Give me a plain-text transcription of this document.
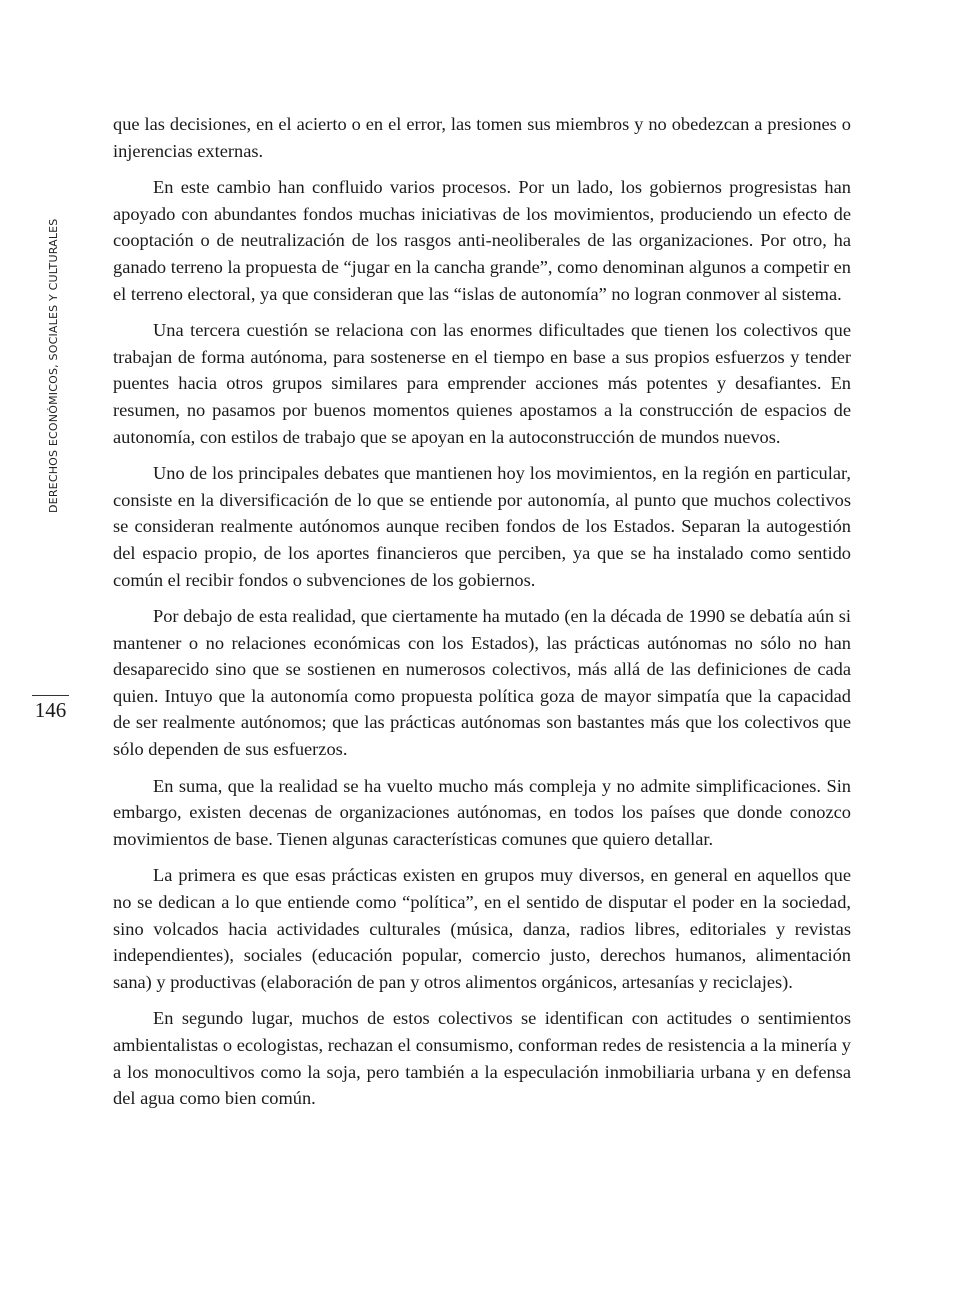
DERECHOS ECONÓMICOS, SOCIALES Y CULTURALES
146

que las decisiones, en el acierto o en el error, las tomen sus miembros y no obedezcan a presiones o injerencias externas.

En este cambio han confluido varios procesos. Por un lado, los gobiernos progresistas han apoyado con abundantes fondos muchas iniciativas de los movimientos, produciendo un efecto de cooptación o de neutralización de los rasgos anti-neoliberales de las organizaciones. Por otro, ha ganado terreno la propuesta de “jugar en la cancha grande”, como denominan algunos a competir en el terreno electoral, ya que consideran que las “islas de autonomía” no logran conmover al sistema.

Una tercera cuestión se relaciona con las enormes dificultades que tienen los colectivos que trabajan de forma autónoma, para sostenerse en el tiempo en base a sus propios esfuerzos y tender puentes hacia otros grupos similares para emprender acciones más potentes y desafiantes. En resumen, no pasamos por buenos momentos quienes apostamos a la construcción de espacios de autonomía, con estilos de trabajo que se apoyan en la autoconstrucción de mundos nuevos.

Uno de los principales debates que mantienen hoy los movimientos, en la región en particular, consiste en la diversificación de lo que se entiende por autonomía, al punto que muchos colectivos se consideran realmente autónomos aunque reciben fondos de los Estados. Separan la autogestión del espacio propio, de los aportes financieros que perciben, ya que se ha instalado como sentido común el recibir fondos o subvenciones de los gobiernos.

Por debajo de esta realidad, que ciertamente ha mutado (en la década de 1990 se debatía aún si mantener o no relaciones económicas con los Estados), las prácticas autónomas no sólo no han desaparecido sino que se sostienen en numerosos colectivos, más allá de las definiciones de cada quien. Intuyo que la autonomía como propuesta política goza de mayor simpatía que la capacidad de ser realmente autónomos; que las prácticas autónomas son bastantes más que los colectivos que sólo dependen de sus esfuerzos.

En suma, que la realidad se ha vuelto mucho más compleja y no admite simplificaciones. Sin embargo, existen decenas de organizaciones autónomas, en todos los países que donde conozco movimientos de base. Tienen algunas características comunes que quiero detallar.

La primera es que esas prácticas existen en grupos muy diversos, en general en aquellos que no se dedican a lo que entiende como “política”, en el sentido de disputar el poder en la sociedad, sino volcados hacia actividades culturales (música, danza, radios libres, editoriales y revistas independientes), sociales (educación popular, comercio justo, derechos humanos, alimentación sana) y productivas (elaboración de pan y otros alimentos orgánicos, artesanías y reciclajes).

En segundo lugar, muchos de estos colectivos se identifican con actitudes o sentimientos ambientalistas o ecologistas, rechazan el consumismo, conforman redes de resistencia a la minería y a los monocultivos como la soja, pero también a la especulación inmobiliaria urbana y en defensa del agua como bien común.
